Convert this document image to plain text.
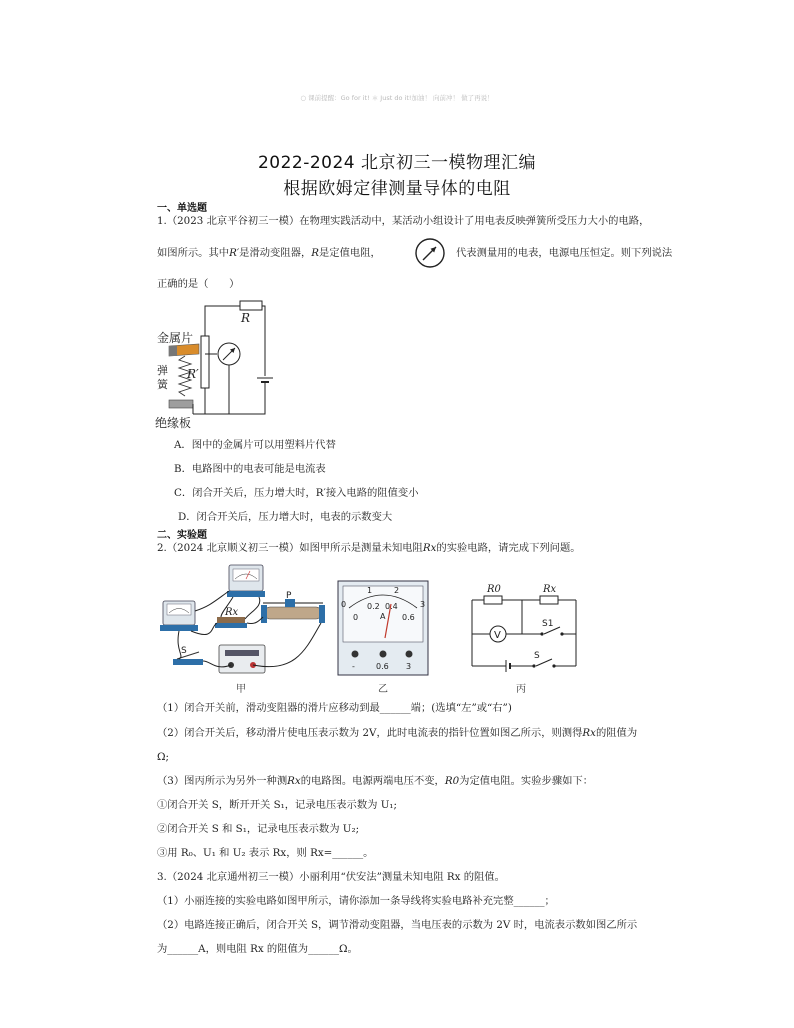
○ 课前提醒：Go for it! ＊ Just do it!加油！ 向前冲！ 做了再说！
2022-2024 北京初三一模物理汇编
根据欧姆定律测量导体的电阻
一、单选题
1.（2023 北京平谷初三一模）在物理实践活动中，某活动小组设计了用电表反映弹簧所受压力大小的电路，
如图所示。其中R′是滑动变阻器，R是定值电阻，	代表测量用的电表，电源电压恒定。则下列说法
正确的是（　　）
金属片
弹
簧
绝缘板
R
R′
A．图中的金属片可以用塑料片代替
B．电路图中的电表可能是电流表
C．闭合开关后，压力增大时，R′接入电路的阻值变小
D．闭合开关后，压力增大时，电表的示数变大
二、实验题
2.（2024 北京顺义初三一模）如图甲所示是测量未知电阻Rx的实验电路，请完成下列问题。
Rx
P
S
甲
0
1	2
3
0
0.2 0.4
0.6
A
-	0.6 3
乙
V
R0	Rx
S1
S
丙
（1）闭合开关前，滑动变阻器的滑片应移动到最______端；(选填“左”或“右”)
（2）闭合开关后，移动滑片使电压表示数为 2V，此时电流表的指针位置如图乙所示，则测得Rx的阻值为
Ω;
（3）图丙所示为另外一种测Rx的电路图。电源两端电压不变，R0为定值电阻。实验步骤如下：
①闭合开关 S，断开开关 S₁，记录电压表示数为 U₁;
②闭合开关 S 和 S₁，记录电压表示数为 U₂;
③用 R₀、U₁ 和 U₂ 表示 Rx，则 Rx=______。
3.（2024 北京通州初三一模）小丽利用“伏安法”测量未知电阻 Rx 的阻值。
（1）小丽连接的实验电路如图甲所示，请你添加一条导线将实验电路补充完整______；
（2）电路连接正确后，闭合开关 S，调节滑动变阻器，当电压表的示数为 2V 时，电流表示数如图乙所示
为______A，则电阻 Rx 的阻值为______Ω。
